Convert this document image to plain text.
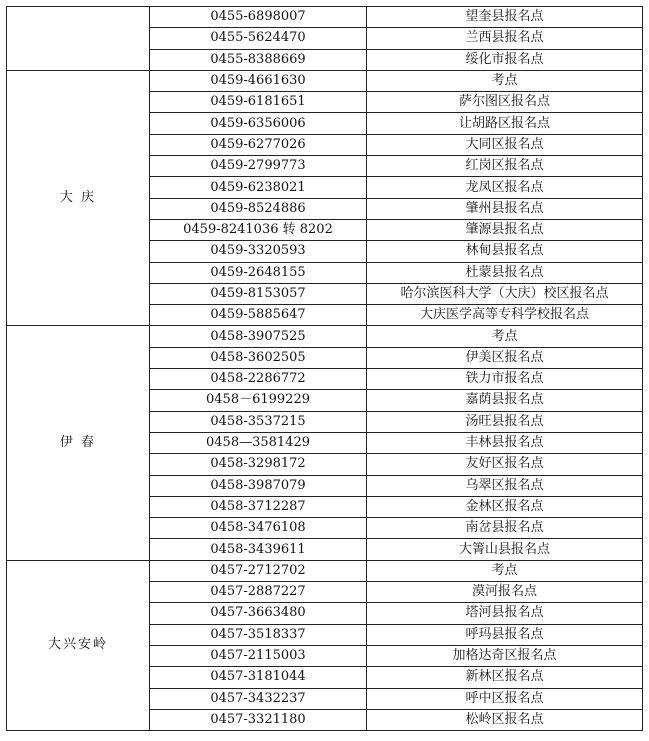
	0455-6898007	望奎县报名点
	0455-5624470	兰西县报名点
	0455-8388669	绥化市报名点
大 庆	0459-4661630	考点
	0459-6181651	萨尔图区报名点
	0459-6356006	让胡路区报名点
	0459-6277026	大同区报名点
	0459-2799773	红岗区报名点
	0459-6238021	龙凤区报名点
	0459-8524886	肇州县报名点
	0459-8241036 转 8202	肇源县报名点
	0459-3320593	林甸县报名点
	0459-2648155	杜蒙县报名点
	0459-8153057	哈尔滨医科大学（大庆）校区报名点
	0459-5885647	大庆医学高等专科学校报名点
伊 春	0458-3907525	考点
	0458-3602505	伊美区报名点
	0458-2286772	铁力市报名点
	0458－6199229	嘉荫县报名点
	0458-3537215	汤旺县报名点
	0458—3581429	丰林县报名点
	0458-3298172	友好区报名点
	0458-3987079	乌翠区报名点
	0458-3712287	金林区报名点
	0458-3476108	南岔县报名点
	0458-3439611	大箐山县报名点
大兴安岭	0457-2712702	考点
	0457-2887227	漠河报名点
	0457-3663480	塔河县报名点
	0457-3518337	呼玛县报名点
	0457-2115003	加格达奇区报名点
	0457-3181044	新林区报名点
	0457-3432237	呼中区报名点
	0457-3321180	松岭区报名点
